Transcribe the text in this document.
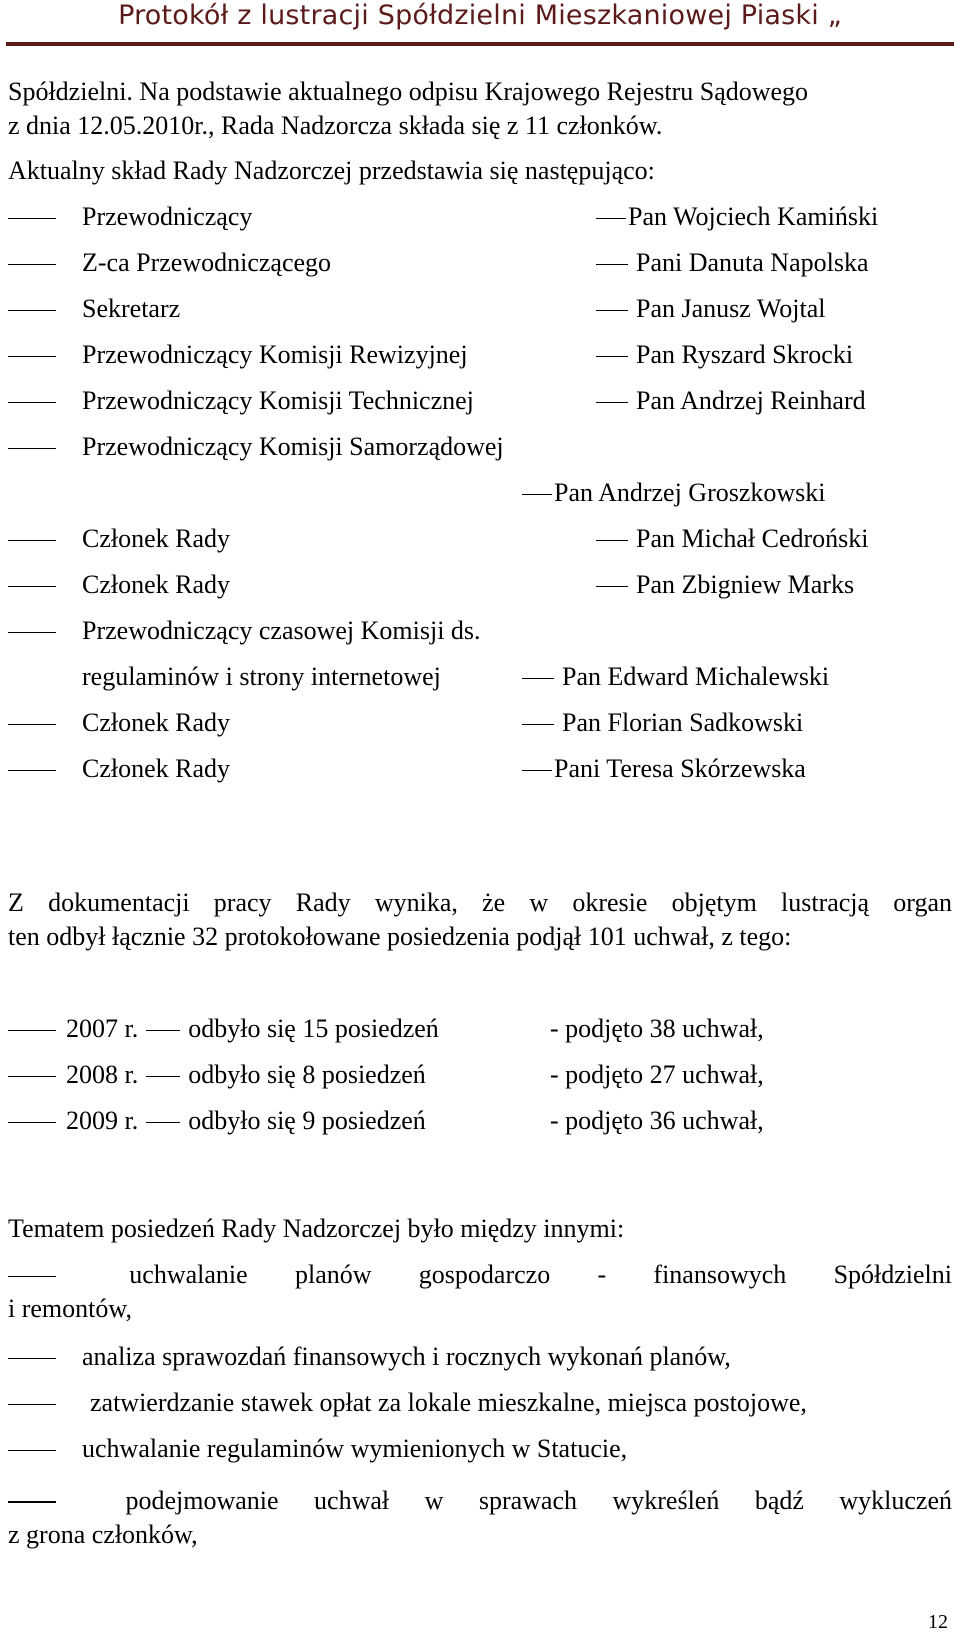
Protokół z lustracji Spółdzielni Mieszkaniowej Piaski „
Spółdzielni. Na podstawie aktualnego odpisu Krajowego Rejestru Sądowego
z dnia 12.05.2010r., Rada Nadzorcza składa się z 11 członków.
Aktualny skład Rady Nadzorczej przedstawia się następująco:
Przewodniczący	Pan Wojciech Kamiński
Z-ca Przewodniczącego	Pani Danuta Napolska
Sekretarz	Pan Janusz Wojtal
Przewodniczący Komisji Rewizyjnej	Pan Ryszard Skrocki
Przewodniczący Komisji Technicznej	Pan Andrzej Reinhard
Przewodniczący Komisji Samorządowej
Pan Andrzej Groszkowski
Członek Rady	Pan Michał Cedroński
Członek Rady	Pan Zbigniew Marks
Przewodniczący czasowej Komisji ds.
regulaminów i strony internetowej	Pan Edward Michalewski
Członek Rady	Pan Florian Sadkowski
Członek Rady	Pani Teresa Skórzewska
Z dokumentacji pracy Rady wynika, że w okresie objętym lustracją organ
ten odbył łącznie 32 protokołowane posiedzenia podjął 101 uchwał, z tego:
2007 r. odbyło się 15 posiedzeń	- podjęto 38 uchwał,
2008 r. odbyło się 8 posiedzeń	- podjęto 27 uchwał,
2009 r. odbyło się 9 posiedzeń	- podjęto 36 uchwał,
Tematem posiedzeń Rady Nadzorczej było między innymi:
uchwalanie planów gospodarczo - finansowych Spółdzielni
i remontów,
analiza sprawozdań finansowych i rocznych wykonań planów,
zatwierdzanie stawek opłat za lokale mieszkalne, miejsca postojowe,
uchwalanie regulaminów wymienionych w Statucie,
podejmowanie uchwał w sprawach wykreśleń bądź wykluczeń
z grona członków,
12
